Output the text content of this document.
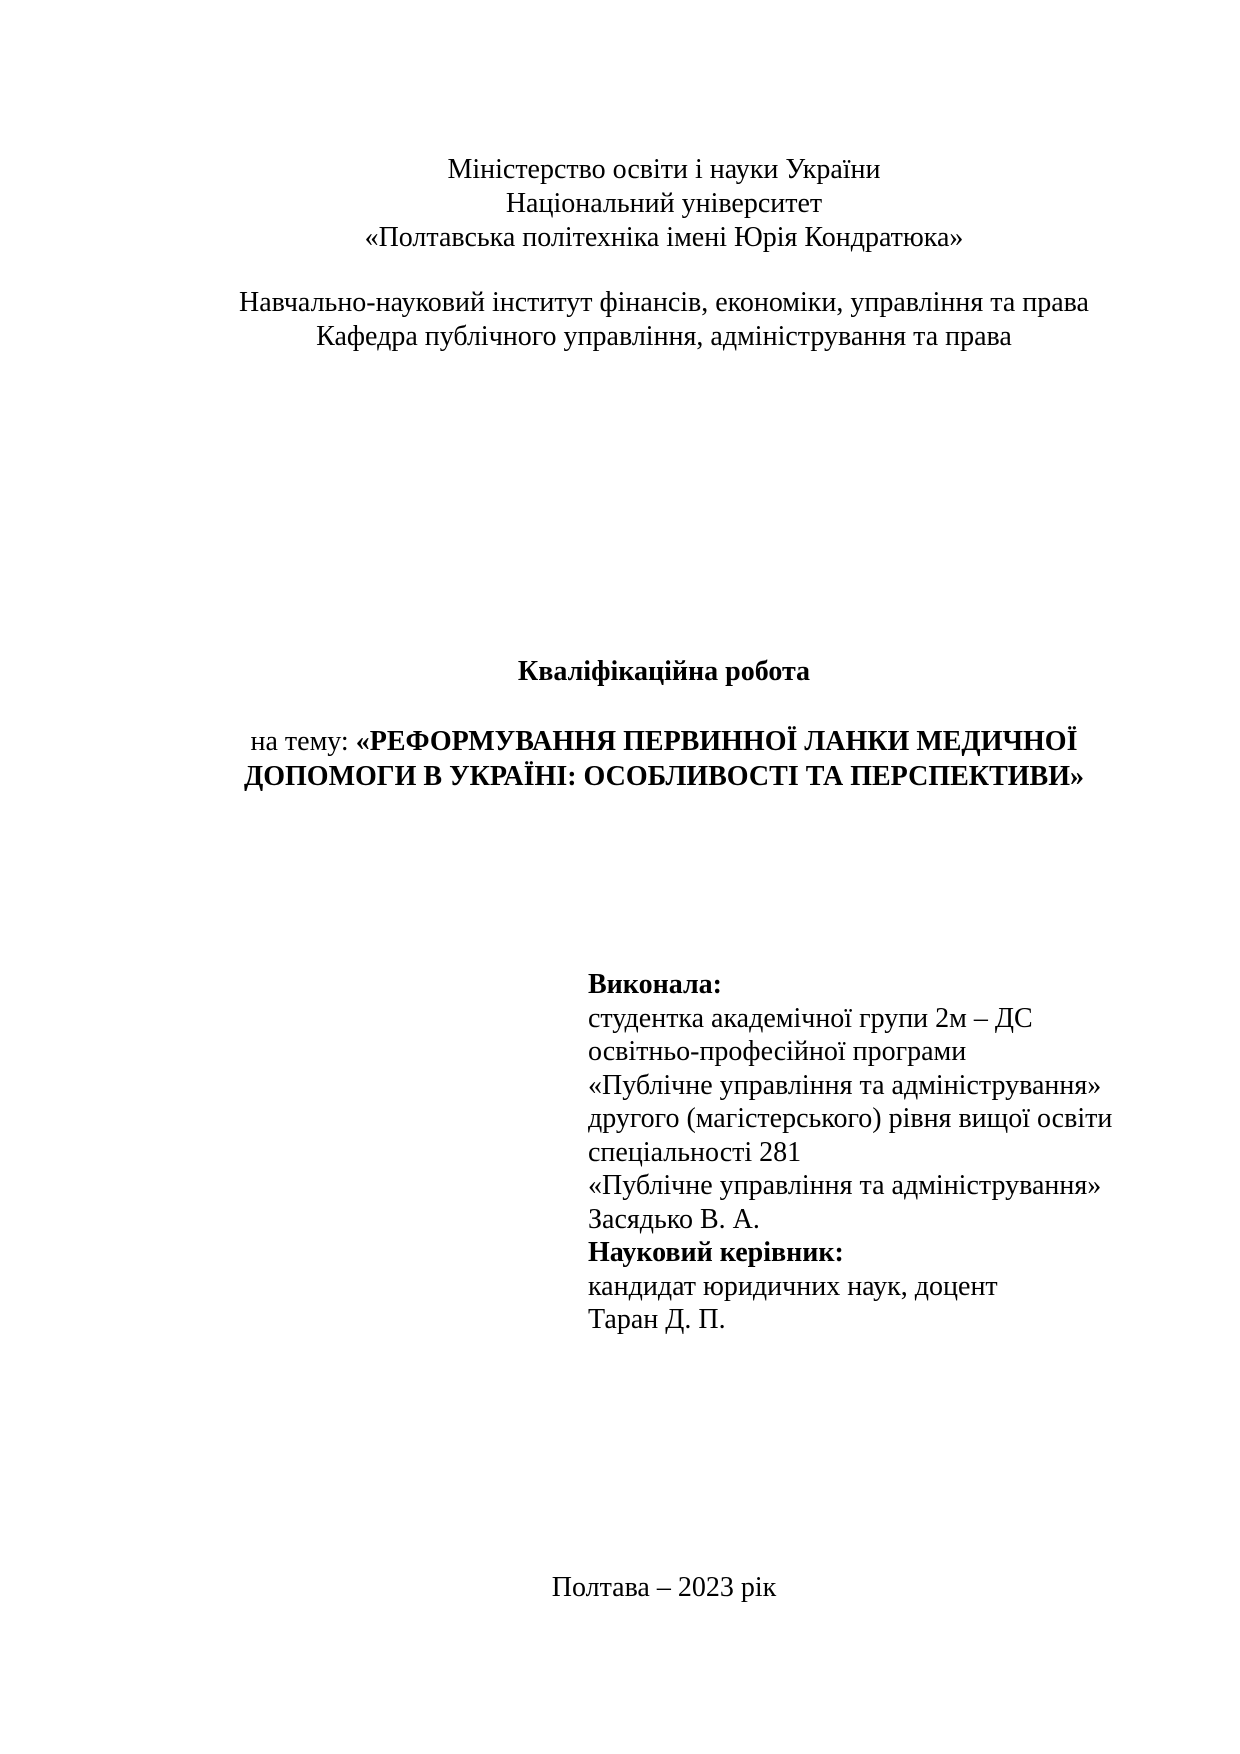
Міністерство освіти і науки України
Національний університет
«Полтавська політехніка імені Юрія Кондратюка»
Навчально-науковий інститут фінансів, економіки, управління та права
Кафедра публічного управління, адміністрування та права
Кваліфікаційна робота
на тему: «РЕФОРМУВАННЯ ПЕРВИННОЇ ЛАНКИ МЕДИЧНОЇ
ДОПОМОГИ В УКРАЇНІ: ОСОБЛИВОСТІ ТА ПЕРСПЕКТИВИ»
Виконала:
студентка академічної групи 2м – ДС
освітньо-професійної програми
«Публічне управління та адміністрування»
другого (магістерського) рівня вищої освіти
спеціальності 281
«Публічне управління та адміністрування»
Засядько В. А.
Науковий керівник:
кандидат юридичних наук, доцент
Таран Д. П.
Полтава – 2023 рік
